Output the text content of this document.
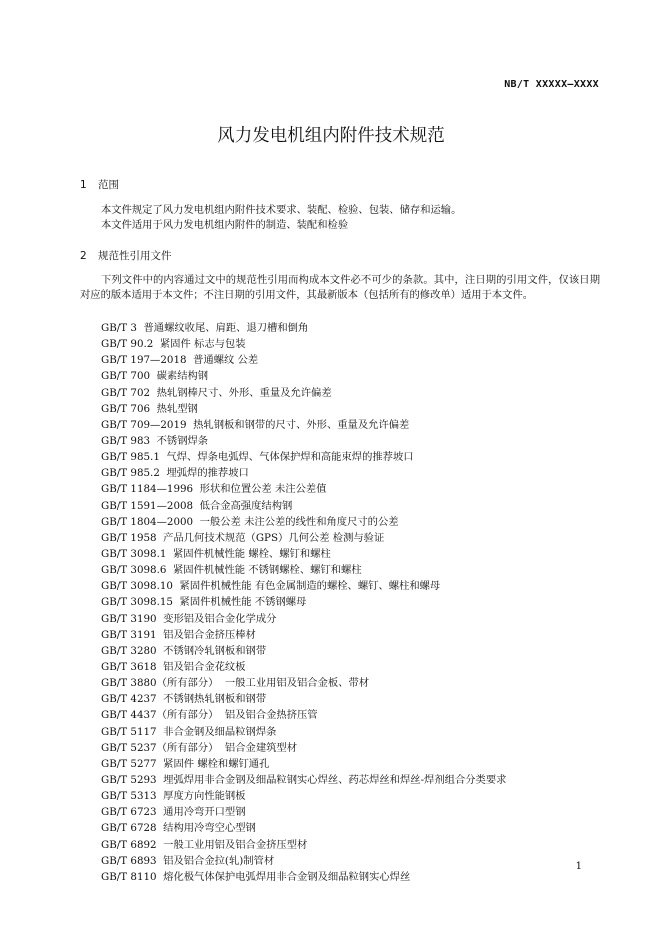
NB/T XXXXX—XXXX
风力发电机组内附件技术规范
1 范围

本文件规定了风力发电机组内附件技术要求、装配、检验、包装、储存和运输。

本文件适用于风力发电机组内附件的制造、装配和检验

2 规范性引用文件

下列文件中的内容通过文中的规范性引用而构成本文件必不可少的条款。其中，注日期的引用文件，仅该日期对应的版本适用于本文件；不注日期的引用文件，其最新版本（包括所有的修改单）适用于本文件。

GB/T 3  普通螺纹收尾、肩距、退刀槽和倒角
GB/T 90.2  紧固件 标志与包装
GB/T 197—2018  普通螺纹 公差
GB/T 700  碳素结构钢
GB/T 702  热轧钢棒尺寸、外形、重量及允许偏差
GB/T 706  热轧型钢
GB/T 709—2019  热轧钢板和钢带的尺寸、外形、重量及允许偏差
GB/T 983  不锈钢焊条
GB/T 985.1  气焊、焊条电弧焊、气体保护焊和高能束焊的推荐坡口
GB/T 985.2  埋弧焊的推荐坡口
GB/T 1184—1996  形状和位置公差 未注公差值
GB/T 1591—2008  低合金高强度结构钢
GB/T 1804—2000  一般公差 未注公差的线性和角度尺寸的公差
GB/T 1958  产品几何技术规范（GPS）几何公差 检测与验证
GB/T 3098.1  紧固件机械性能 螺栓、螺钉和螺柱
GB/T 3098.6  紧固件机械性能 不锈钢螺栓、螺钉和螺柱
GB/T 3098.10  紧固件机械性能 有色金属制造的螺栓、螺钉、螺柱和螺母
GB/T 3098.15  紧固件机械性能 不锈钢螺母
GB/T 3190  变形铝及铝合金化学成分
GB/T 3191  铝及铝合金挤压棒材
GB/T 3280  不锈钢冷轧钢板和钢带
GB/T 3618  铝及铝合金花纹板
GB/T 3880（所有部分）  一般工业用铝及铝合金板、带材
GB/T 4237  不锈钢热轧钢板和钢带
GB/T 4437（所有部分）  铝及铝合金热挤压管
GB/T 5117  非合金钢及细晶粒钢焊条
GB/T 5237（所有部分）  铝合金建筑型材
GB/T 5277  紧固件 螺栓和螺钉通孔
GB/T 5293  埋弧焊用非合金钢及细晶粒钢实心焊丝、药芯焊丝和焊丝-焊剂组合分类要求
GB/T 5313  厚度方向性能钢板
GB/T 6723  通用冷弯开口型钢
GB/T 6728  结构用冷弯空心型钢
GB/T 6892  一般工业用铝及铝合金挤压型材
GB/T 6893  铝及铝合金拉(轧)制管材
GB/T 8110  熔化极气体保护电弧焊用非合金钢及细晶粒钢实心焊丝
1
